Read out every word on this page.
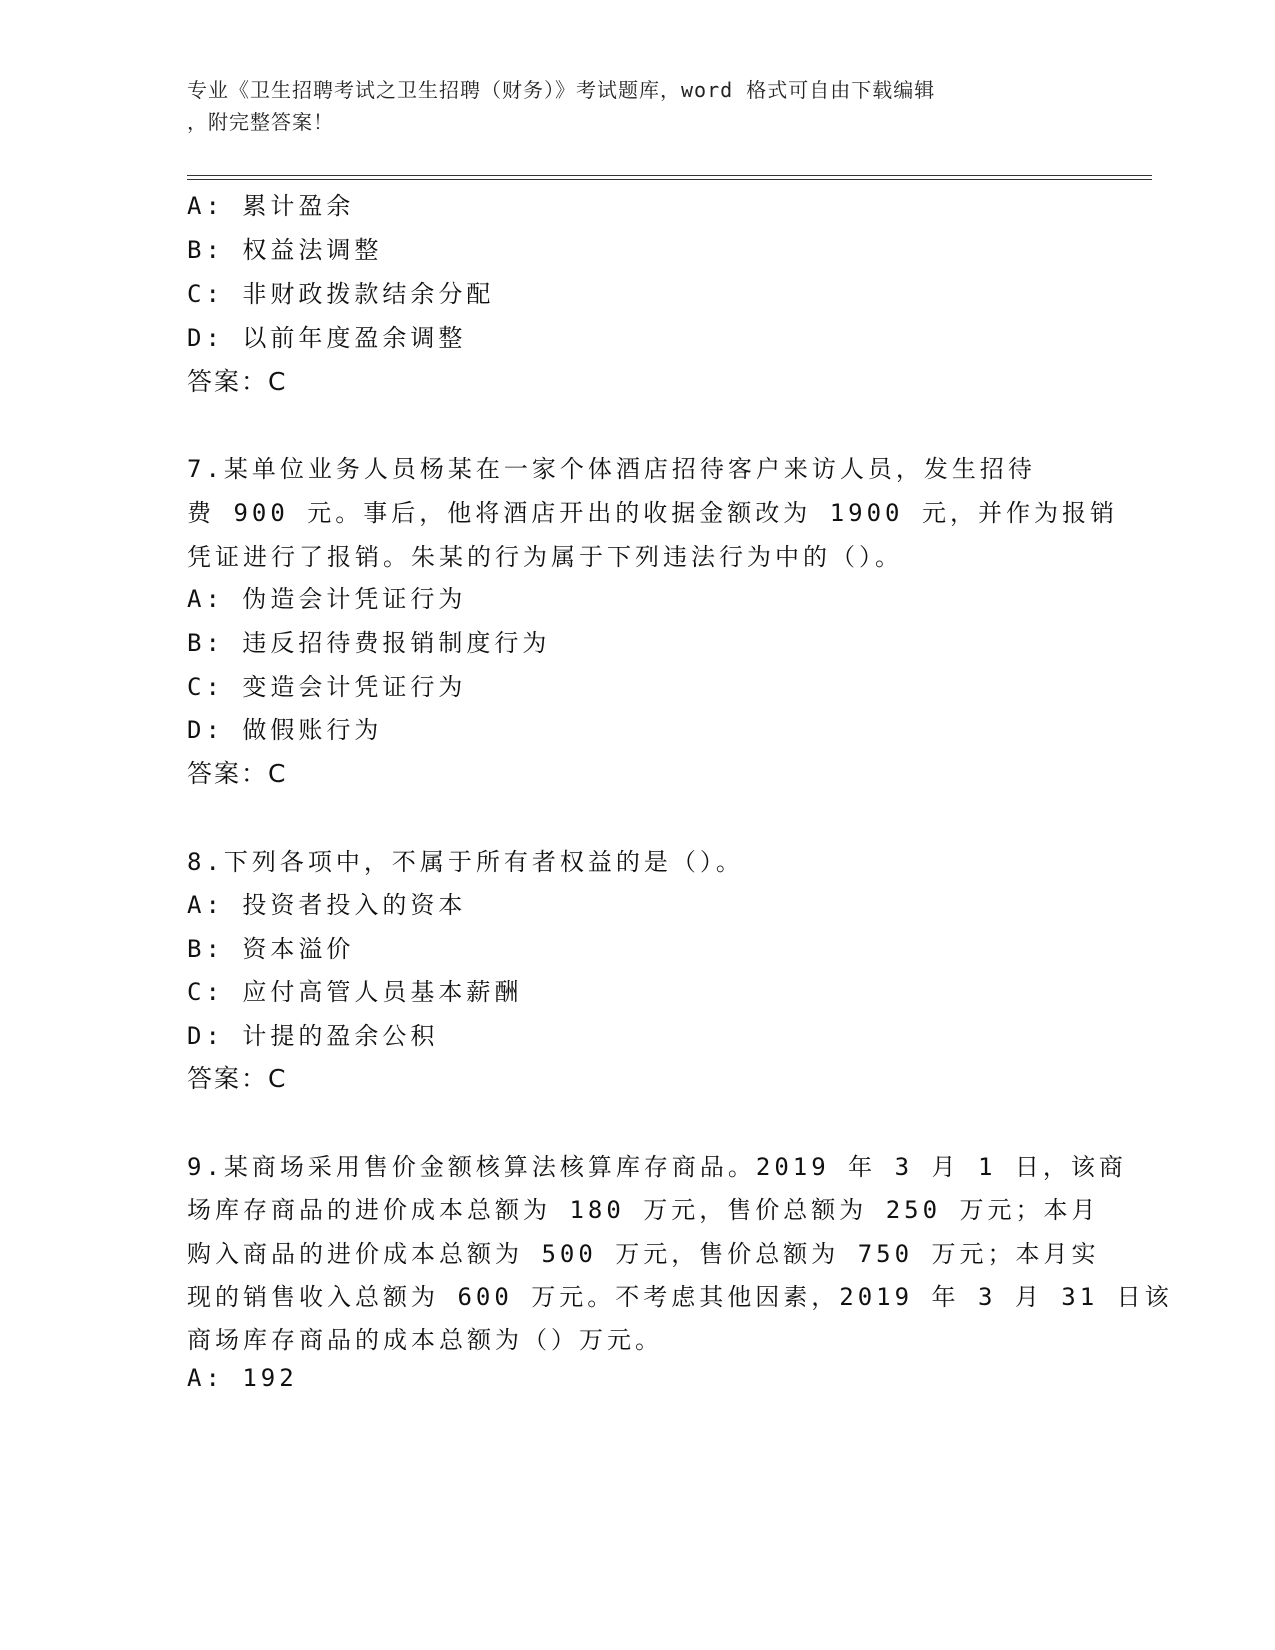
专业《卫生招聘考试之卫生招聘（财务）》考试题库，word 格式可自由下载编辑
，附完整答案！
A: 累计盈余
B: 权益法调整
C: 非财政拨款结余分配
D: 以前年度盈余调整
答案：C
7.某单位业务人员杨某在一家个体酒店招待客户来访人员，发生招待
费 900 元。事后，他将酒店开出的收据金额改为 1900 元，并作为报销
凭证进行了报销。朱某的行为属于下列违法行为中的（）。
A: 伪造会计凭证行为
B: 违反招待费报销制度行为
C: 变造会计凭证行为
D: 做假账行为
答案：C
8.下列各项中，不属于所有者权益的是（）。
A: 投资者投入的资本
B: 资本溢价
C: 应付高管人员基本薪酬
D: 计提的盈余公积
答案：C
9.某商场采用售价金额核算法核算库存商品。2019 年 3 月 1 日，该商
场库存商品的进价成本总额为 180 万元，售价总额为 250 万元；本月
购入商品的进价成本总额为 500 万元，售价总额为 750 万元；本月实
现的销售收入总额为 600 万元。不考虑其他因素，2019 年 3 月 31 日该
商场库存商品的成本总额为（）万元。
A: 192
